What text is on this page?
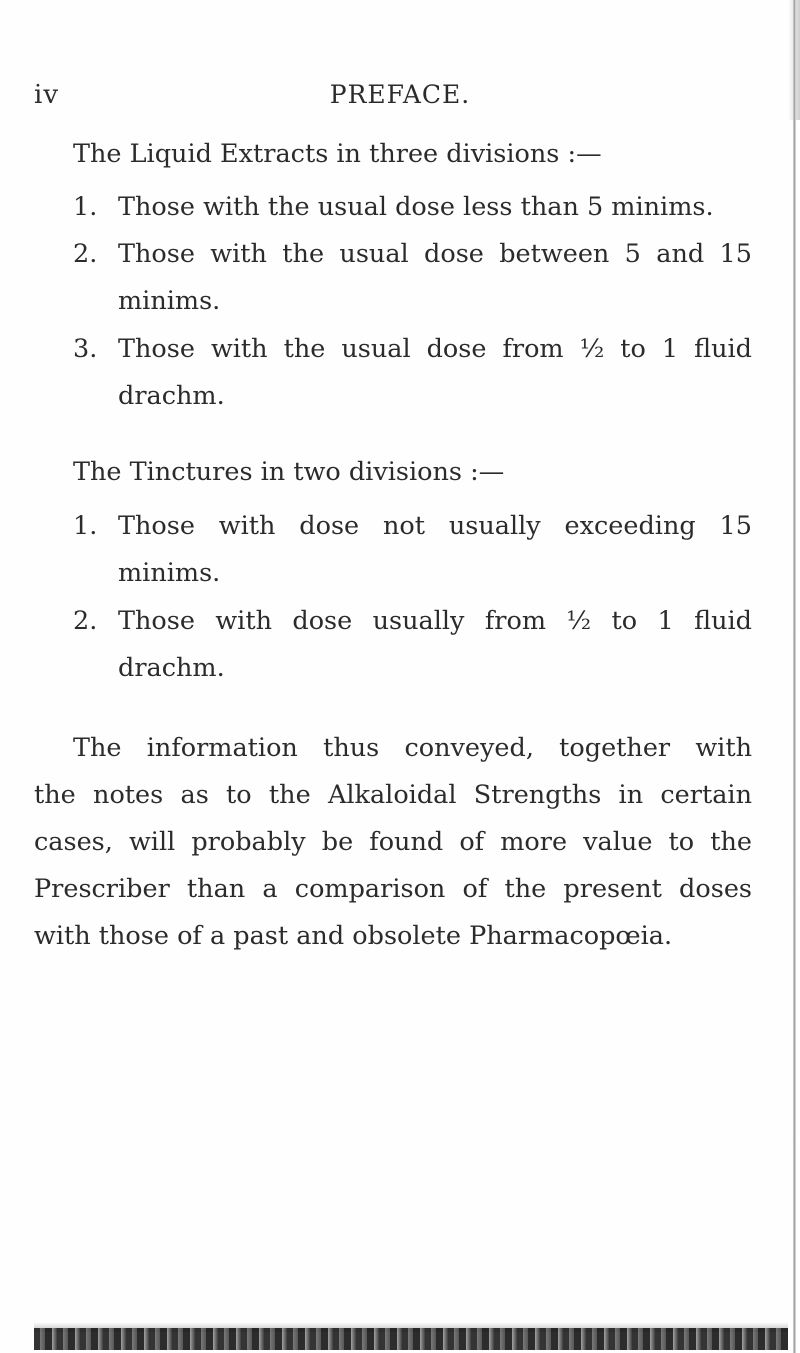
iv	PREFACE.
The Liquid Extracts in three divisions :—
1. Those with the usual dose less than 5 minims.
2. Those with the usual dose between 5 and 15
minims.
3. Those with the usual dose from ½ to 1 fluid
drachm.
The Tinctures in two divisions :—
1. Those with dose not usually exceeding 15
minims.
2. Those with dose usually from ½ to 1 fluid
drachm.
The information thus conveyed, together with
the notes as to the Alkaloidal Strengths in certain
cases, will probably be found of more value to the
Prescriber than a comparison of the present doses
with those of a past and obsolete Pharmacopœia.
